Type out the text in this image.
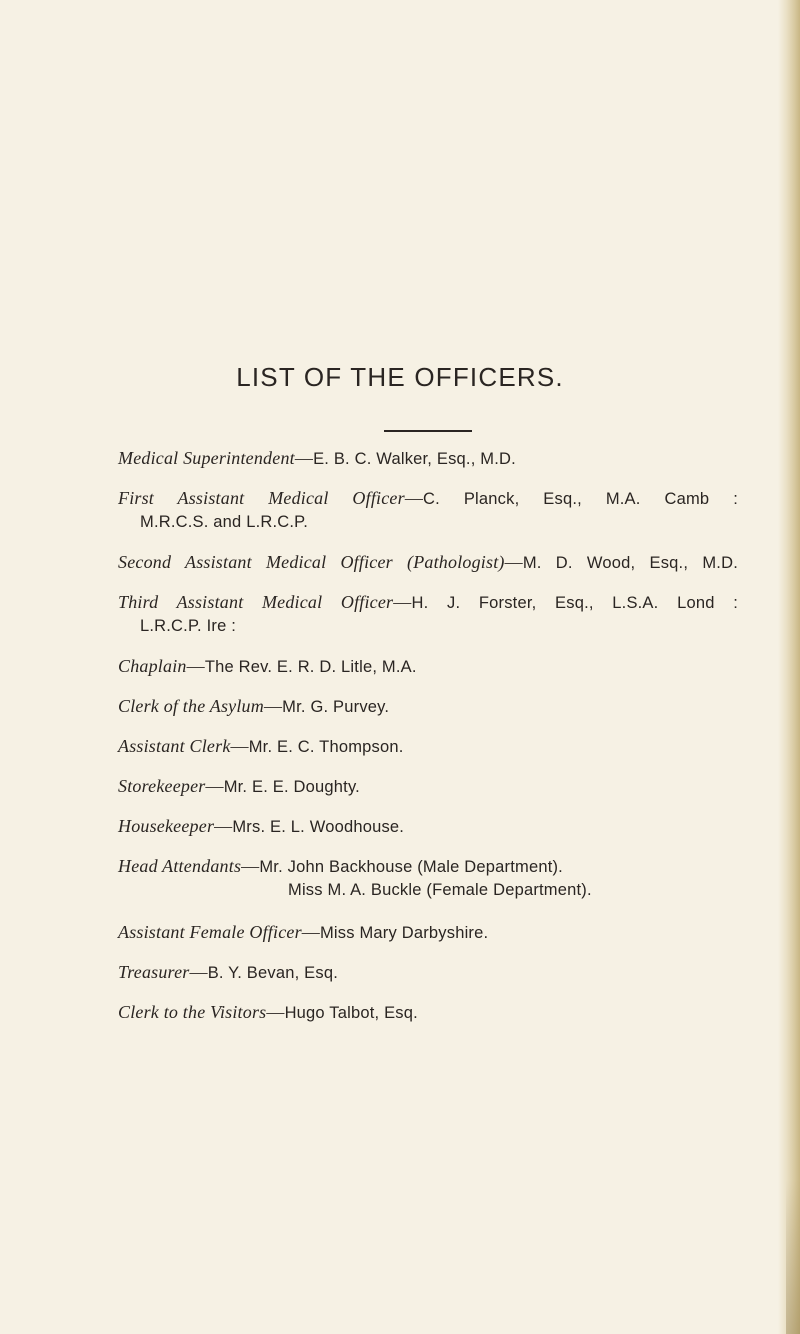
LIST OF THE OFFICERS.

Medical Superintendent—E. B. C. Walker, Esq., M.D.

First Assistant Medical Officer—C. Planck, Esq., M.A. Camb :

M.R.C.S. and L.R.C.P.

Second Assistant Medical Officer (Pathologist)—M. D. Wood, Esq., M.D.

Third Assistant Medical Officer—H. J. Forster, Esq., L.S.A. Lond :

L.R.C.P. Ire :

Chaplain—The Rev. E. R. D. Litle, M.A.

Clerk of the Asylum—Mr. G. Purvey.

Assistant Clerk—Mr. E. C. Thompson.

Storekeeper—Mr. E. E. Doughty.

Housekeeper—Mrs. E. L. Woodhouse.

Head Attendants—Mr. John Backhouse (Male Department).

Miss M. A. Buckle (Female Department).

Assistant Female Officer—Miss Mary Darbyshire.

Treasurer—B. Y. Bevan, Esq.

Clerk to the Visitors—Hugo Talbot, Esq.
